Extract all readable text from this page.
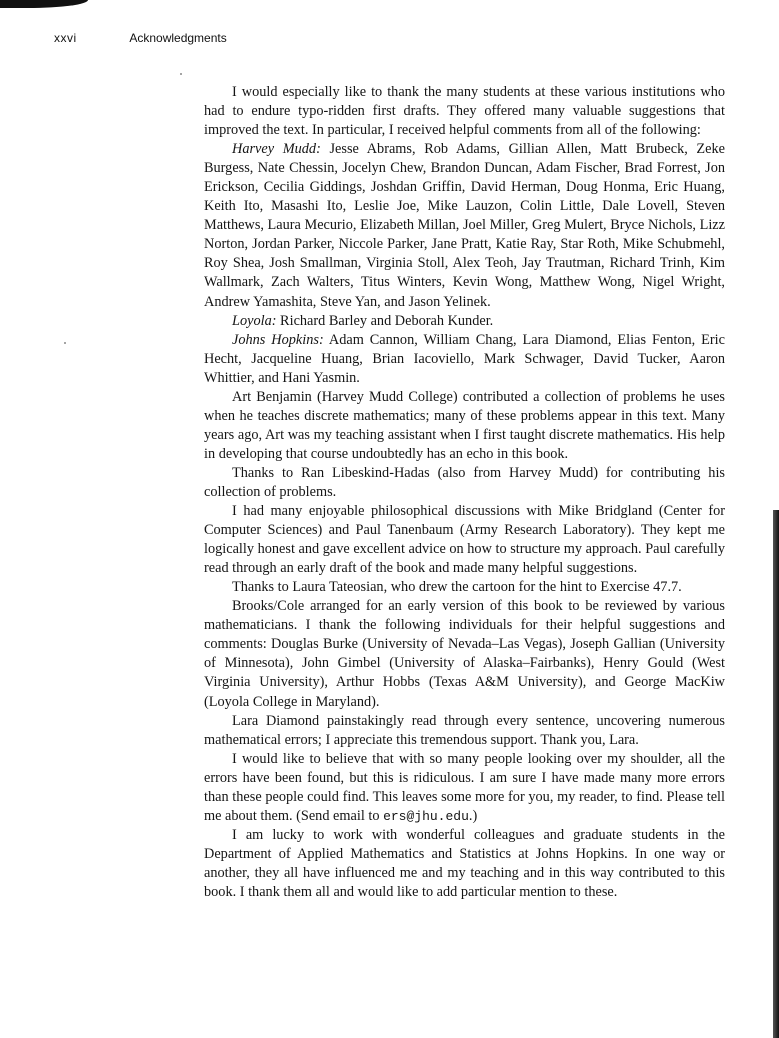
xxvi	Acknowledgments

I would especially like to thank the many students at these various institutions who had to endure typo-ridden first drafts. They offered many valuable suggestions that improved the text. In particular, I received helpful comments from all of the following:

Harvey Mudd: Jesse Abrams, Rob Adams, Gillian Allen, Matt Brubeck, Zeke Burgess, Nate Chessin, Jocelyn Chew, Brandon Duncan, Adam Fischer, Brad Forrest, Jon Erickson, Cecilia Giddings, Joshdan Griffin, David Herman, Doug Honma, Eric Huang, Keith Ito, Masashi Ito, Leslie Joe, Mike Lauzon, Colin Little, Dale Lovell, Steven Matthews, Laura Mecurio, Elizabeth Millan, Joel Miller, Greg Mulert, Bryce Nichols, Lizz Norton, Jordan Parker, Niccole Parker, Jane Pratt, Katie Ray, Star Roth, Mike Schubmehl, Roy Shea, Josh Smallman, Virginia Stoll, Alex Teoh, Jay Trautman, Richard Trinh, Kim Wallmark, Zach Walters, Titus Winters, Kevin Wong, Matthew Wong, Nigel Wright, Andrew Yamashita, Steve Yan, and Jason Yelinek.

Loyola: Richard Barley and Deborah Kunder.

Johns Hopkins: Adam Cannon, William Chang, Lara Diamond, Elias Fenton, Eric Hecht, Jacqueline Huang, Brian Iacoviello, Mark Schwager, David Tucker, Aaron Whittier, and Hani Yasmin.

Art Benjamin (Harvey Mudd College) contributed a collection of problems he uses when he teaches discrete mathematics; many of these problems appear in this text. Many years ago, Art was my teaching assistant when I first taught discrete mathematics. His help in developing that course undoubtedly has an echo in this book.

Thanks to Ran Libeskind-Hadas (also from Harvey Mudd) for contributing his collection of problems.

I had many enjoyable philosophical discussions with Mike Bridgland (Center for Computer Sciences) and Paul Tanenbaum (Army Research Laboratory). They kept me logically honest and gave excellent advice on how to structure my approach. Paul carefully read through an early draft of the book and made many helpful suggestions.

Thanks to Laura Tateosian, who drew the cartoon for the hint to Exercise 47.7.

Brooks/Cole arranged for an early version of this book to be reviewed by various mathematicians. I thank the following individuals for their helpful suggestions and comments: Douglas Burke (University of Nevada–Las Vegas), Joseph Gallian (University of Minnesota), John Gimbel (University of Alaska–Fairbanks), Henry Gould (West Virginia University), Arthur Hobbs (Texas A&M University), and George MacKiw (Loyola College in Maryland).

Lara Diamond painstakingly read through every sentence, uncovering numerous mathematical errors; I appreciate this tremendous support. Thank you, Lara.

I would like to believe that with so many people looking over my shoulder, all the errors have been found, but this is ridiculous. I am sure I have made many more errors than these people could find. This leaves some more for you, my reader, to find. Please tell me about them. (Send email to ers@jhu.edu.)

I am lucky to work with wonderful colleagues and graduate students in the Department of Applied Mathematics and Statistics at Johns Hopkins. In one way or another, they all have influenced me and my teaching and in this way contributed to this book. I thank them all and would like to add particular mention to these.
